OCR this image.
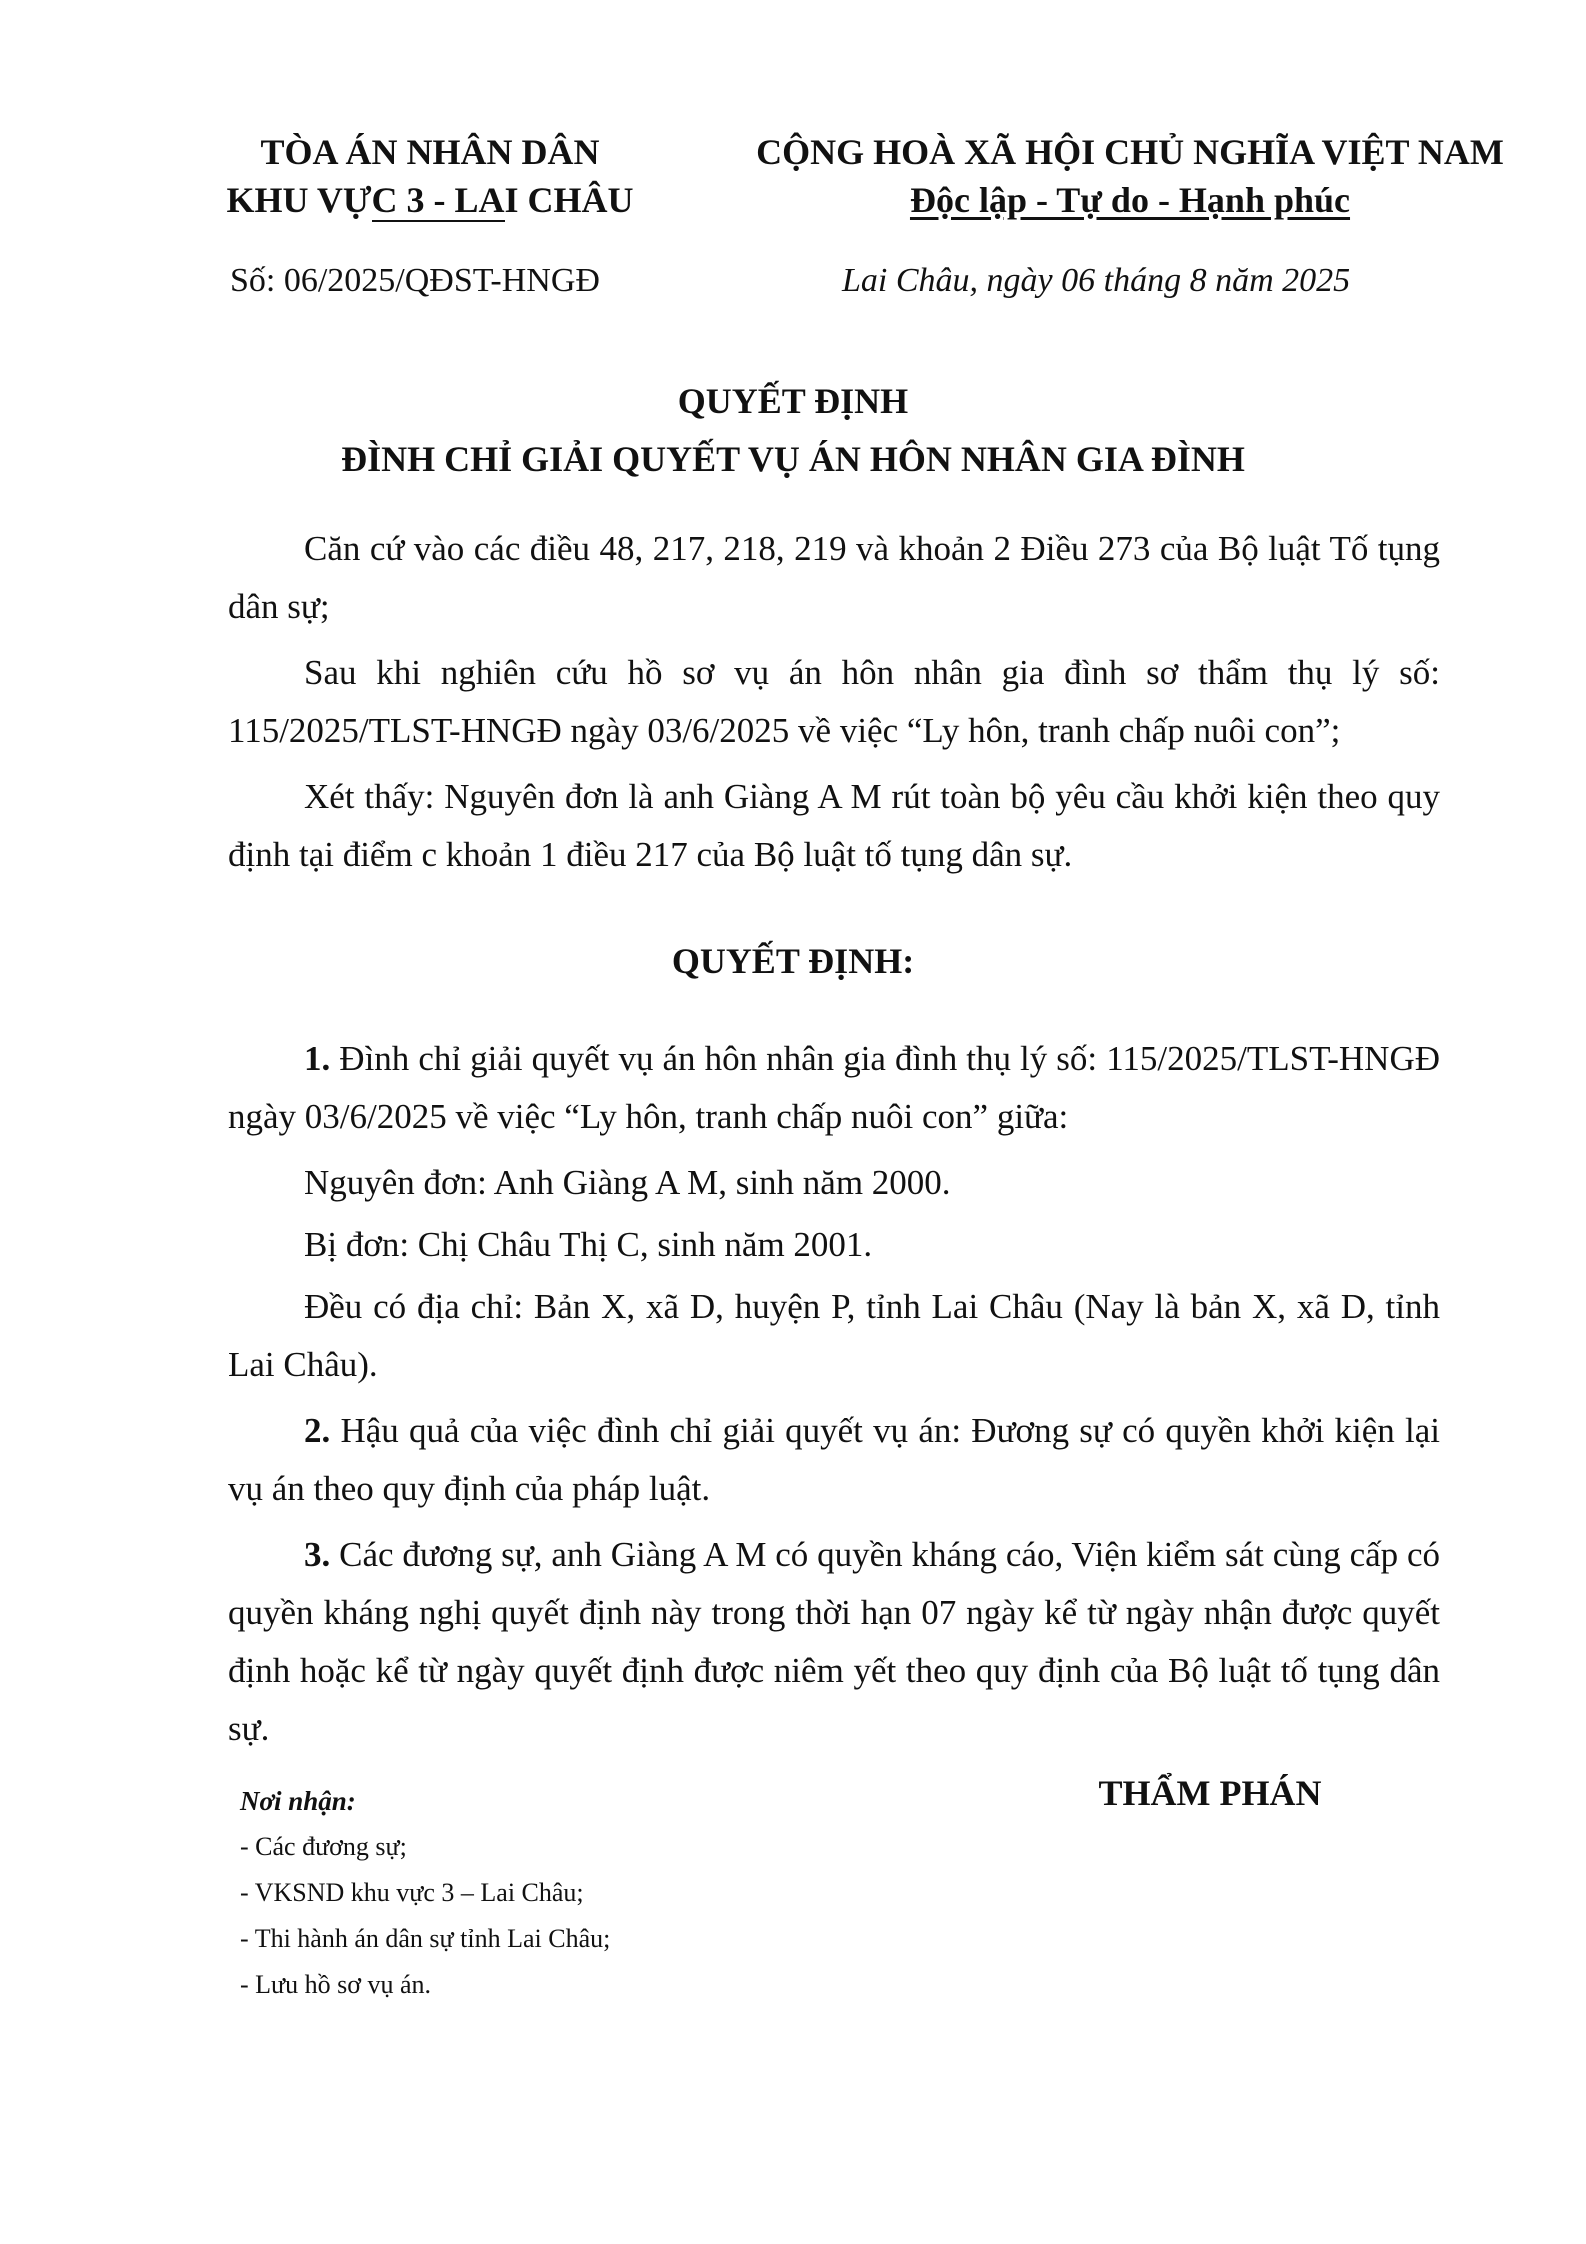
TÒA ÁN NHÂN DÂN
KHU VỰC 3 - LAI CHÂU
CỘNG HOÀ XÃ HỘI CHỦ NGHĨA VIỆT NAM
Độc lập - Tự do - Hạnh phúc
Số: 06/2025/QĐST-HNGĐ	Lai Châu, ngày 06 tháng 8 năm 2025
QUYẾT ĐỊNH
ĐÌNH CHỈ GIẢI QUYẾT VỤ ÁN HÔN NHÂN GIA ĐÌNH

Căn cứ vào các điều 48, 217, 218, 219 và khoản 2 Điều 273 của Bộ luật Tố tụng dân sự;

Sau khi nghiên cứu hồ sơ vụ án hôn nhân gia đình sơ thẩm thụ lý số: 115/2025/TLST-HNGĐ ngày 03/6/2025 về việc “Ly hôn, tranh chấp nuôi con”;

Xét thấy: Nguyên đơn là anh Giàng A M rút toàn bộ yêu cầu khởi kiện theo quy định tại điểm c khoản 1 điều 217 của Bộ luật tố tụng dân sự.

QUYẾT ĐỊNH:

1. Đình chỉ giải quyết vụ án hôn nhân gia đình thụ lý số: 115/2025/TLST-HNGĐ ngày 03/6/2025 về việc “Ly hôn, tranh chấp nuôi con” giữa:

Nguyên đơn: Anh Giàng A M, sinh năm 2000.

Bị đơn: Chị Châu Thị C, sinh năm 2001.

Đều có địa chỉ: Bản X, xã D, huyện P, tỉnh Lai Châu (Nay là bản X, xã D, tỉnh Lai Châu).

2. Hậu quả của việc đình chỉ giải quyết vụ án: Đương sự có quyền khởi kiện lại vụ án theo quy định của pháp luật.

3. Các đương sự, anh Giàng A M có quyền kháng cáo, Viện kiểm sát cùng cấp có quyền kháng nghị quyết định này trong thời hạn 07 ngày kể từ ngày nhận được quyết định hoặc kể từ ngày quyết định được niêm yết theo quy định của Bộ luật tố tụng dân sự.

Nơi nhận:
- Các đương sự;
- VKSND khu vực 3 – Lai Châu;
- Thi hành án dân sự tỉnh Lai Châu;
- Lưu hồ sơ vụ án.
THẨM PHÁN
